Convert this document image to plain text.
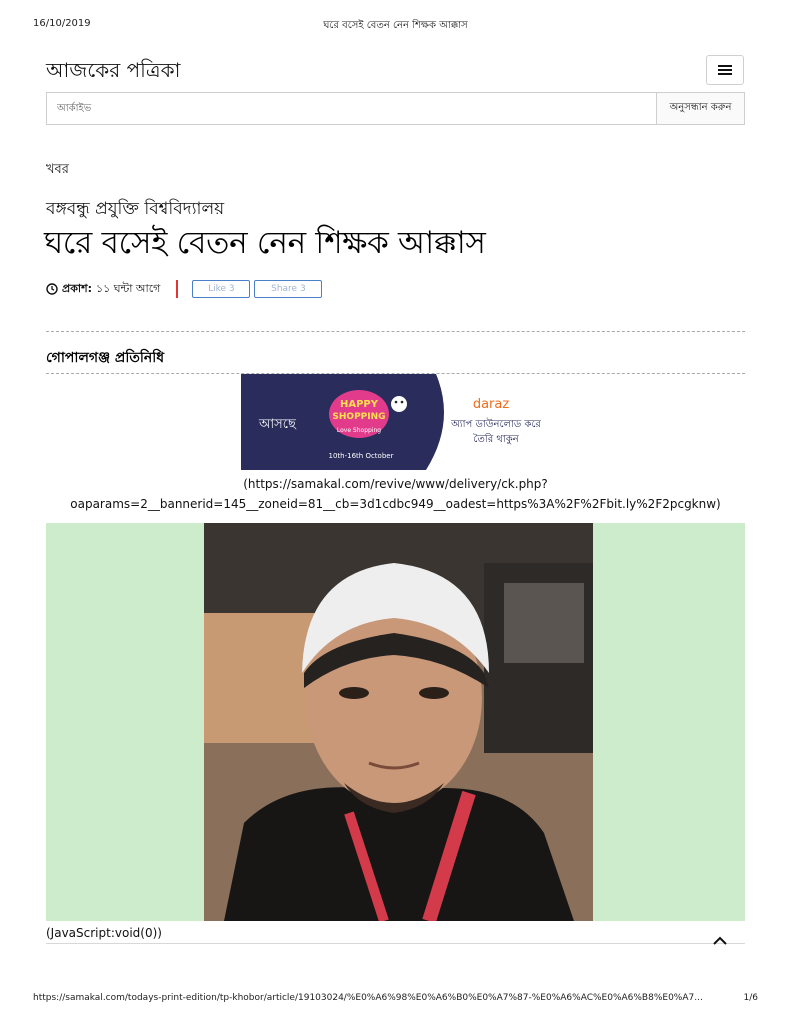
16/10/2019	ঘরে বসেই বেতন নেন শিক্ষক আক্কাস
আজকের পত্রিকা
আর্কাইভ
অনুসন্ধান করুন
খবর
বঙ্গবন্ধু প্রযুক্তি বিশ্ববিদ্যালয়
ঘরে বসেই বেতন নেন শিক্ষক আক্কাস
প্রকাশ: ১১ ঘন্টা আগে	Like 3	Share 3
গোপালগঞ্জ প্রতিনিধি
আসছে
HAPPY
SHOPPING
Love Shopping
10th-16th October
daraz
অ্যাপ ডাউনলোড করে
তৈরি থাকুন
(https://samakal.com/revive/www/delivery/ck.php?
oaparams=2__bannerid=145__zoneid=81__cb=3d1cdbc949__oadest=https%3A%2F%2Fbit.ly%2F2pcgknw)
(JavaScript:void(0))
https://samakal.com/todays-print-edition/tp-khobor/article/19103024/%E0%A6%98%E0%A6%B0%E0%A7%87-%E0%A6%AC%E0%A6%B8%E0%A7...	1/6
